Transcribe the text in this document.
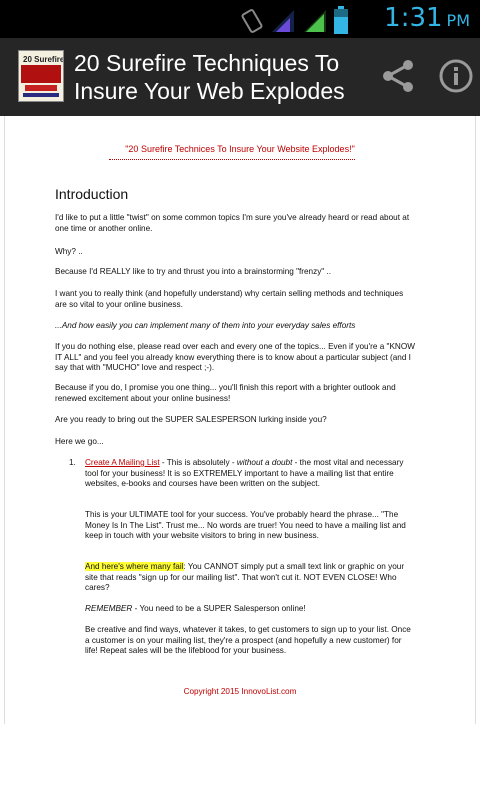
1:31 PM
20 Surefire 20 Surefire Techniques To Insure Your Web Explodes
"20 Surefire Technices To Insure Your Website Explodes!"
Introduction

I'd like to put a little "twist" on some common topics I'm sure you've already heard or read about at one time or another online.

Why? ..

Because I'd REALLY like to try and thrust you into a brainstorming "frenzy" ..

I want you to really think (and hopefully understand) why certain selling methods and techniques are so vital to your online business.

...And how easily you can implement many of them into your everyday sales efforts

If you do nothing else, please read over each and every one of the topics... Even if you're a "KNOW IT ALL" and you feel you already know everything there is to know about a particular subject (and I say that with "MUCHO" love and respect ;-).

Because if you do, I promise you one thing... you'll finish this report with a brighter outlook and renewed excitement about your online business!

Are you ready to bring out the SUPER SALESPERSON lurking inside you?

Here we go...

1. Create A Mailing List - This is absolutely - without a doubt - the most vital and necessary tool for your business! It is so EXTREMELY important to have a mailing list that entire websites, e-books and courses have been written on the subject.

This is your ULTIMATE tool for your success. You've probably heard the phrase... "The Money Is In The List". Trust me... No words are truer! You need to have a mailing list and keep in touch with your website visitors to bring in new business.

And here's where many fail: You CANNOT simply put a small text link or graphic on your site that reads "sign up for our mailing list". That won't cut it. NOT EVEN CLOSE! Who cares?

REMEMBER - You need to be a SUPER Salesperson online!

Be creative and find ways, whatever it takes, to get customers to sign up to your list. Once a customer is on your mailing list, they're a prospect (and hopefully a new customer) for life! Repeat sales will be the lifeblood for your business.

Copyright 2015 InnovoList.com
